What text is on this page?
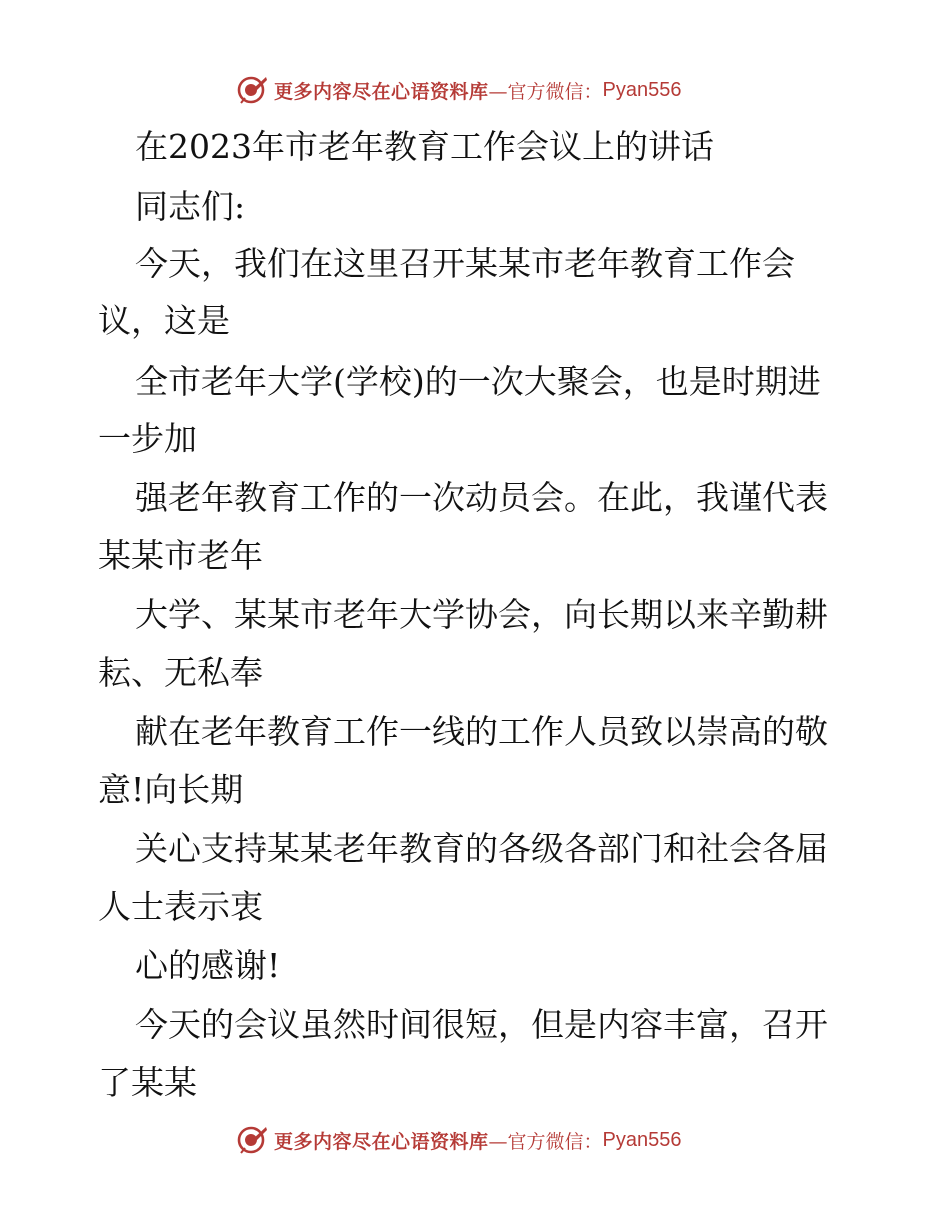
更多内容尽在心语资料库 —官方微信： Pyan556
在2023年市老年教育工作会议上的讲话
同志们:
今天，我们在这里召开某某市老年教育工作会
议，这是
全市老年大学(学校)的一次大聚会，也是时期进
一步加
强老年教育工作的一次动员会。在此，我谨代表
某某市老年
大学、某某市老年大学协会，向长期以来辛勤耕
耘、无私奉
献在老年教育工作一线的工作人员致以崇高的敬
意!向长期
关心支持某某老年教育的各级各部门和社会各届
人士表示衷
心的感谢!
今天的会议虽然时间很短，但是内容丰富，召开
了某某
更多内容尽在心语资料库 —官方微信： Pyan556
